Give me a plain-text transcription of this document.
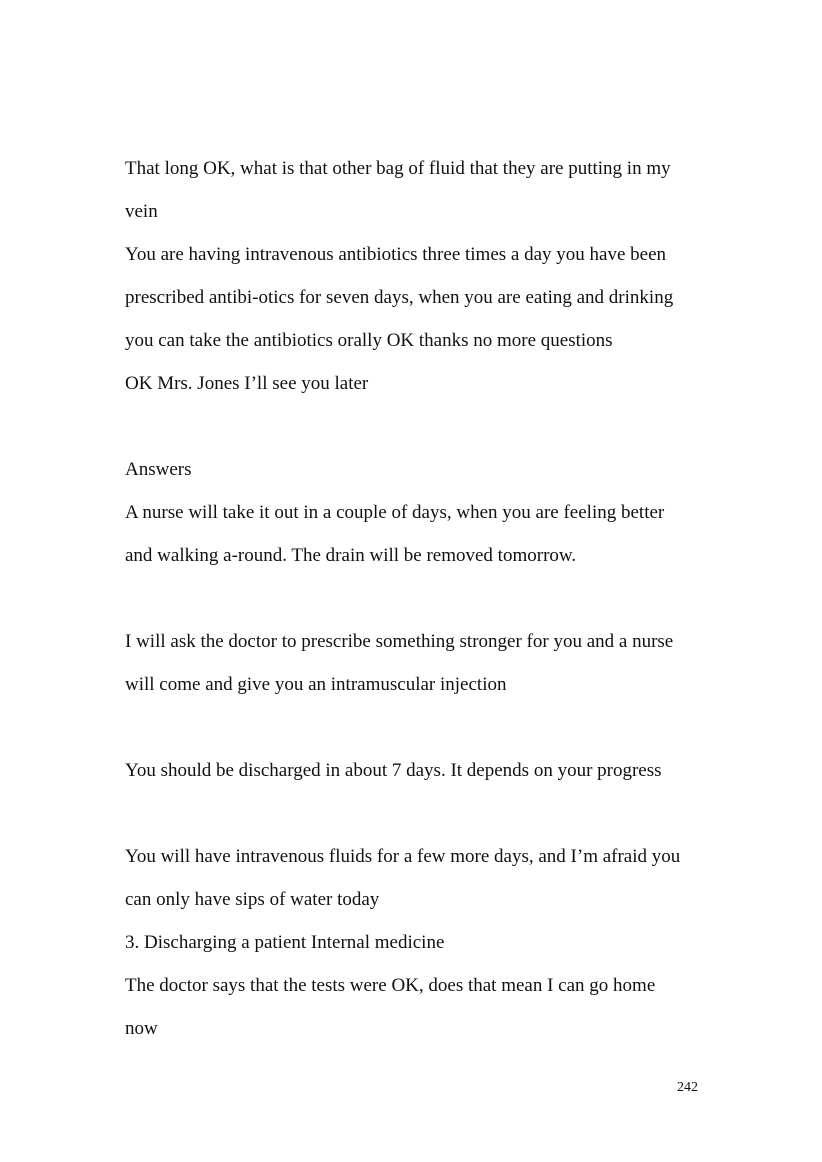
That long OK, what is that other bag of fluid that they are putting in my
vein
You are having intravenous antibiotics three times a day you have been
prescribed antibi-otics for seven days, when you are eating and drinking
you can take the antibiotics orally OK thanks no more questions
OK Mrs. Jones I’ll see you later
Answers
A nurse will take it out in a couple of days, when you are feeling better
and walking a-round. The drain will be removed tomorrow.
I will ask the doctor to prescribe something stronger for you and a nurse
will come and give you an intramuscular injection
You should be discharged in about 7 days. It depends on your progress
You will have intravenous fluids for a few more days, and I’m afraid you
can only have sips of water today
3. Discharging a patient Internal medicine
The doctor says that the tests were OK, does that mean I can go home
now
242
